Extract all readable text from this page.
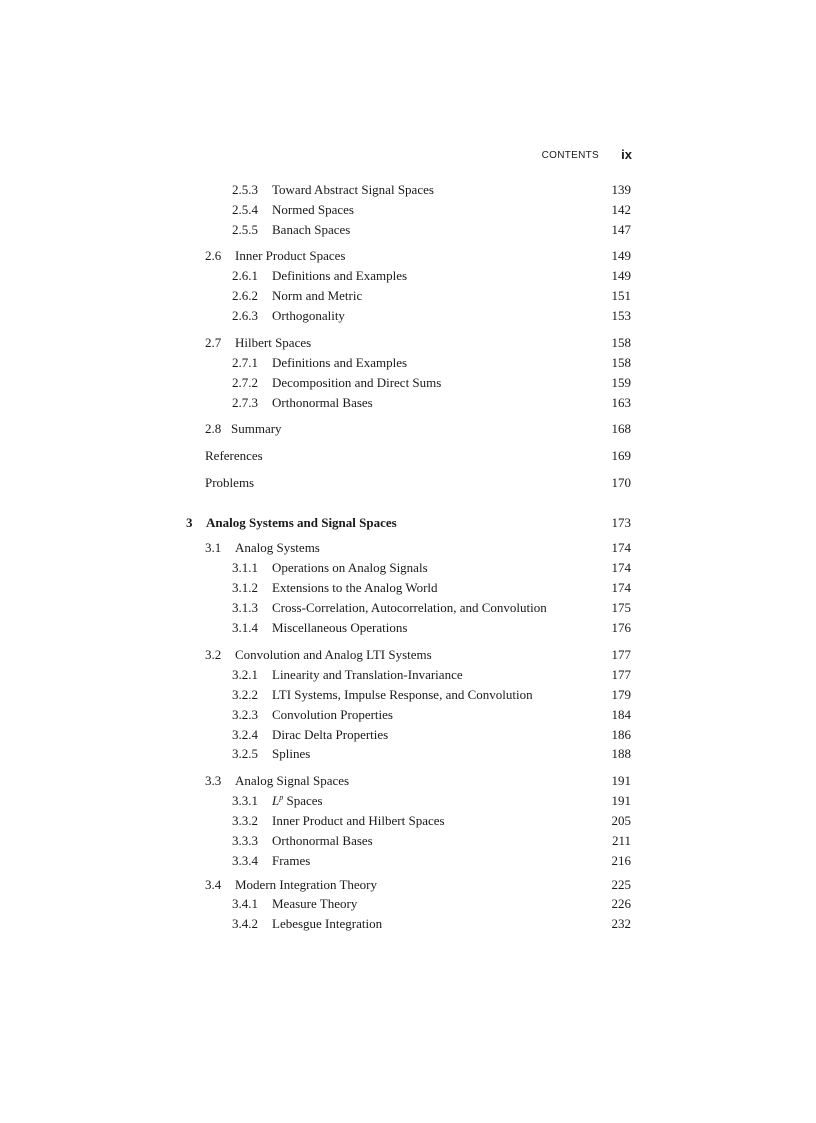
CONTENTS ix
2.5.3 Toward Abstract Signal Spaces	139
2.5.4 Normed Spaces	142
2.5.5 Banach Spaces	147
2.6 Inner Product Spaces	149
2.6.1 Definitions and Examples	149
2.6.2 Norm and Metric	151
2.6.3 Orthogonality	153
2.7 Hilbert Spaces	158
2.7.1 Definitions and Examples	158
2.7.2 Decomposition and Direct Sums	159
2.7.3 Orthonormal Bases	163
2.8 Summary	168
References	169
Problems	170
3 Analog Systems and Signal Spaces	173
3.1 Analog Systems	174
3.1.1 Operations on Analog Signals	174
3.1.2 Extensions to the Analog World	174
3.1.3 Cross-Correlation, Autocorrelation, and Convolution	175
3.1.4 Miscellaneous Operations	176
3.2 Convolution and Analog LTI Systems	177
3.2.1 Linearity and Translation-Invariance	177
3.2.2 LTI Systems, Impulse Response, and Convolution	179
3.2.3 Convolution Properties	184
3.2.4 Dirac Delta Properties	186
3.2.5 Splines	188
3.3 Analog Signal Spaces	191
3.3.1 $L^p$ Spaces	191
3.3.2 Inner Product and Hilbert Spaces	205
3.3.3 Orthonormal Bases	211
3.3.4 Frames	216
3.4 Modern Integration Theory	225
3.4.1 Measure Theory	226
3.4.2 Lebesgue Integration	232
